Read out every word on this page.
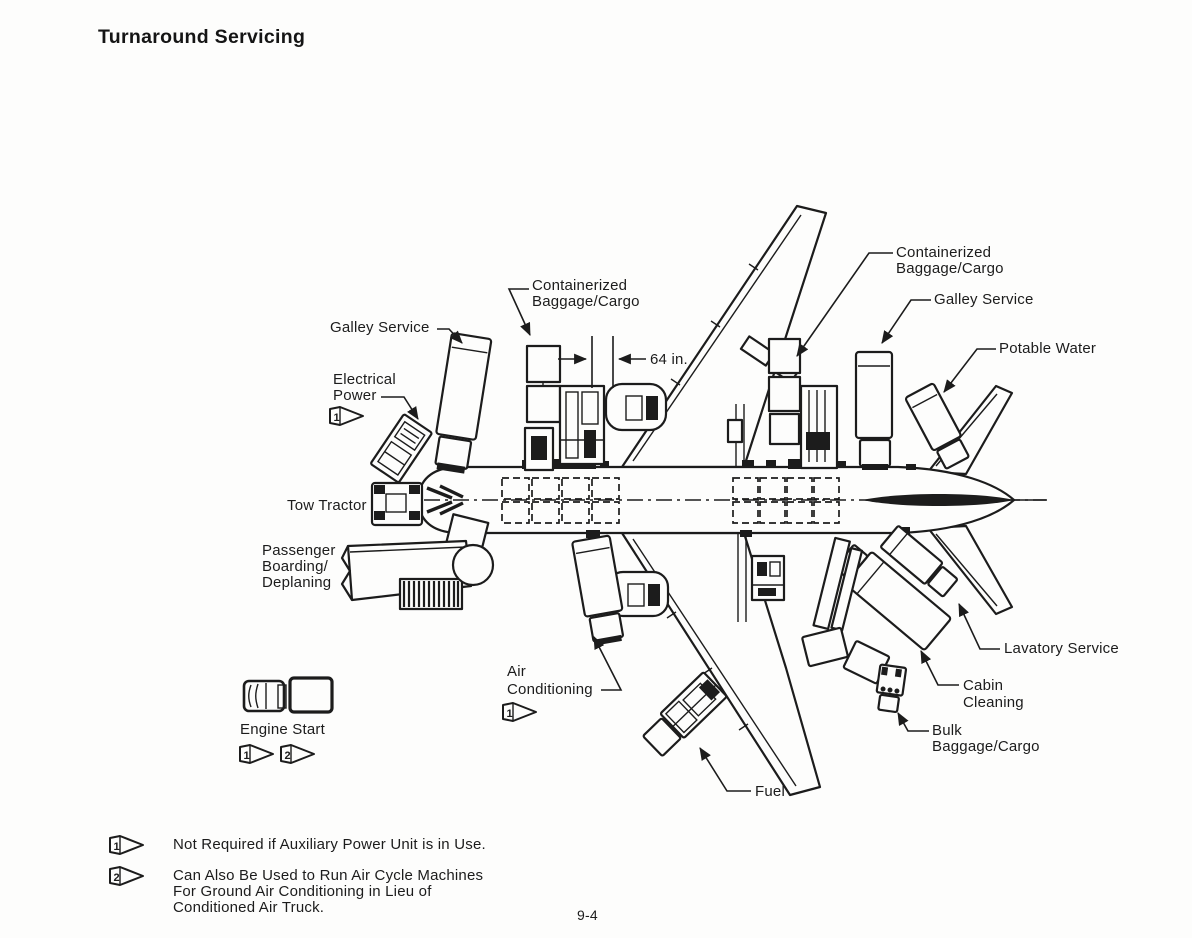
Turnaround Servicing
64 in.
Galley Service
Electrical
Power
Containerized
Baggage/Cargo
Containerized
Baggage/Cargo
Galley Service
Potable Water
Tow Tractor
Passenger
Boarding/
Deplaning
Air
Conditioning
Fuel
Lavatory Service
Cabin
Cleaning
Bulk
Baggage/Cargo
1
1
Engine Start
1	2
1	Not Required if Auxiliary Power Unit is in Use.
2	Can Also Be Used to Run Air Cycle Machines
For Ground Air Conditioning in Lieu of
Conditioned Air Truck.	9-4
